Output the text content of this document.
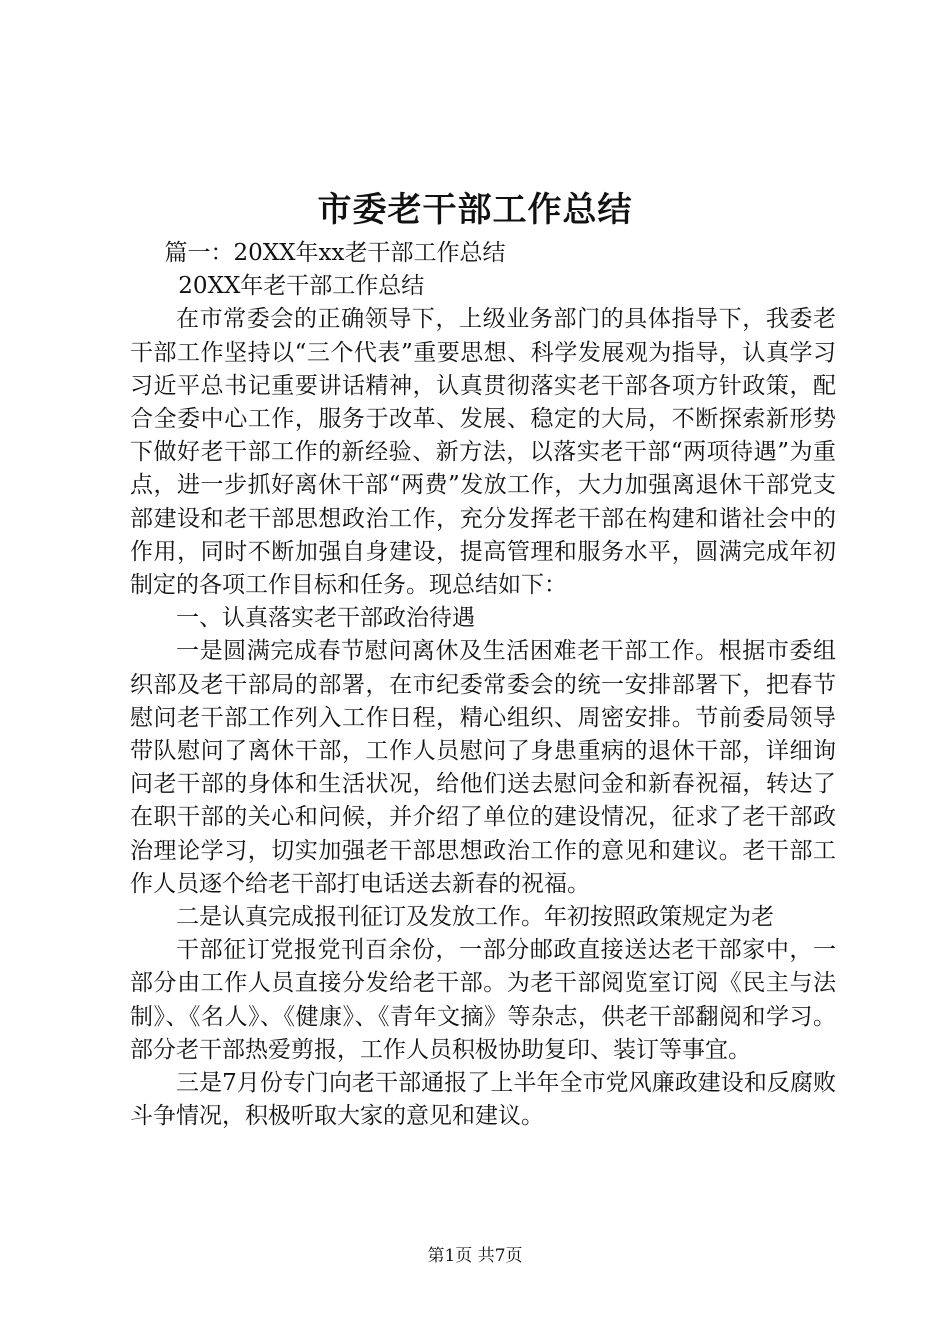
市委老干部工作总结

篇一：20XX年xx老干部工作总结

20XX年老干部工作总结

在市常委会的正确领导下，上级业务部门的具体指导下，我委老干部工作坚持以“三个代表”重要思想、科学发展观为指导，认真学习习近平总书记重要讲话精神，认真贯彻落实老干部各项方针政策，配合全委中心工作，服务于改革、发展、稳定的大局，不断探索新形势下做好老干部工作的新经验、新方法，以落实老干部“两项待遇”为重点，进一步抓好离休干部“两费”发放工作，大力加强离退休干部党支部建设和老干部思想政治工作，充分发挥老干部在构建和谐社会中的作用，同时不断加强自身建设，提高管理和服务水平，圆满完成年初制定的各项工作目标和任务。现总结如下：

一、认真落实老干部政治待遇

一是圆满完成春节慰问离休及生活困难老干部工作。根据市委组织部及老干部局的部署，在市纪委常委会的统一安排部署下，把春节慰问老干部工作列入工作日程，精心组织、周密安排。节前委局领导带队慰问了离休干部，工作人员慰问了身患重病的退休干部，详细询问老干部的身体和生活状况，给他们送去慰问金和新春祝福，转达了在职干部的关心和问候，并介绍了单位的建设情况，征求了老干部政治理论学习，切实加强老干部思想政治工作的意见和建议。老干部工作人员逐个给老干部打电话送去新春的祝福。

二是认真完成报刊征订及发放工作。年初按照政策规定为老

干部征订党报党刊百余份，一部分邮政直接送达老干部家中，一部分由工作人员直接分发给老干部。为老干部阅览室订阅《民主与法制》、《名人》、《健康》、《青年文摘》等杂志，供老干部翻阅和学习。部分老干部热爱剪报，工作人员积极协助复印、装订等事宜。

三是7月份专门向老干部通报了上半年全市党风廉政建设和反腐败斗争情况，积极听取大家的意见和建议。

第1页 共7页
